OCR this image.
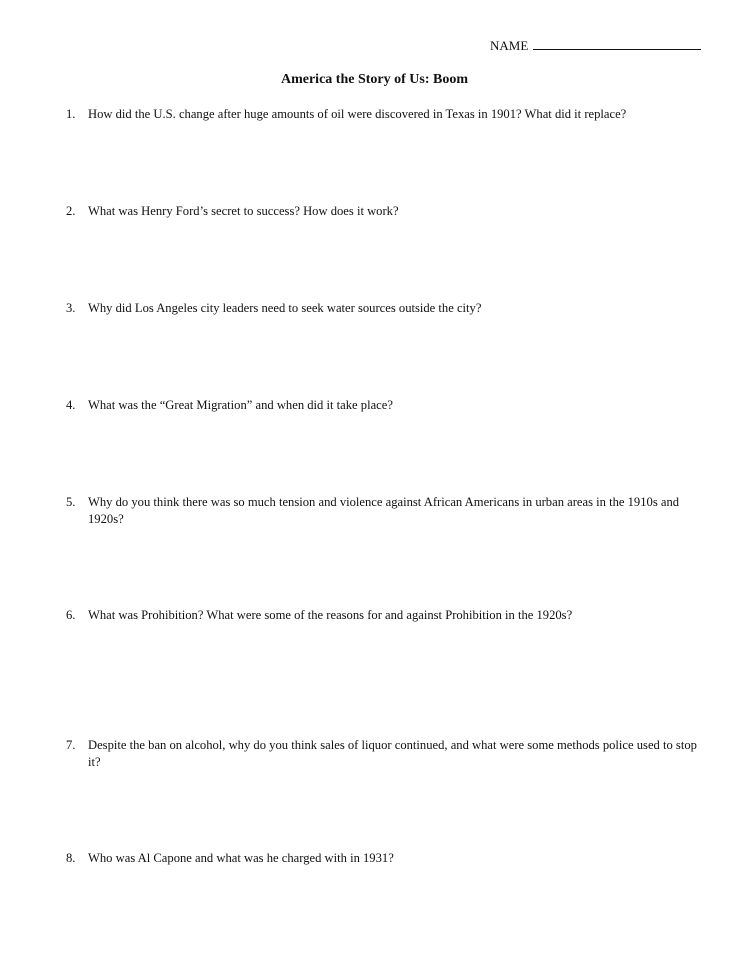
NAME
America the Story of Us: Boom
1. How did the U.S. change after huge amounts of oil were discovered in Texas in 1901? What did it replace?
2. What was Henry Ford’s secret to success? How does it work?
3. Why did Los Angeles city leaders need to seek water sources outside the city?
4. What was the “Great Migration” and when did it take place?
5. Why do you think there was so much tension and violence against African Americans in urban areas in the 1910s and 1920s?
6. What was Prohibition? What were some of the reasons for and against Prohibition in the 1920s?
7. Despite the ban on alcohol, why do you think sales of liquor continued, and what were some methods police used to stop it?
8. Who was Al Capone and what was he charged with in 1931?
